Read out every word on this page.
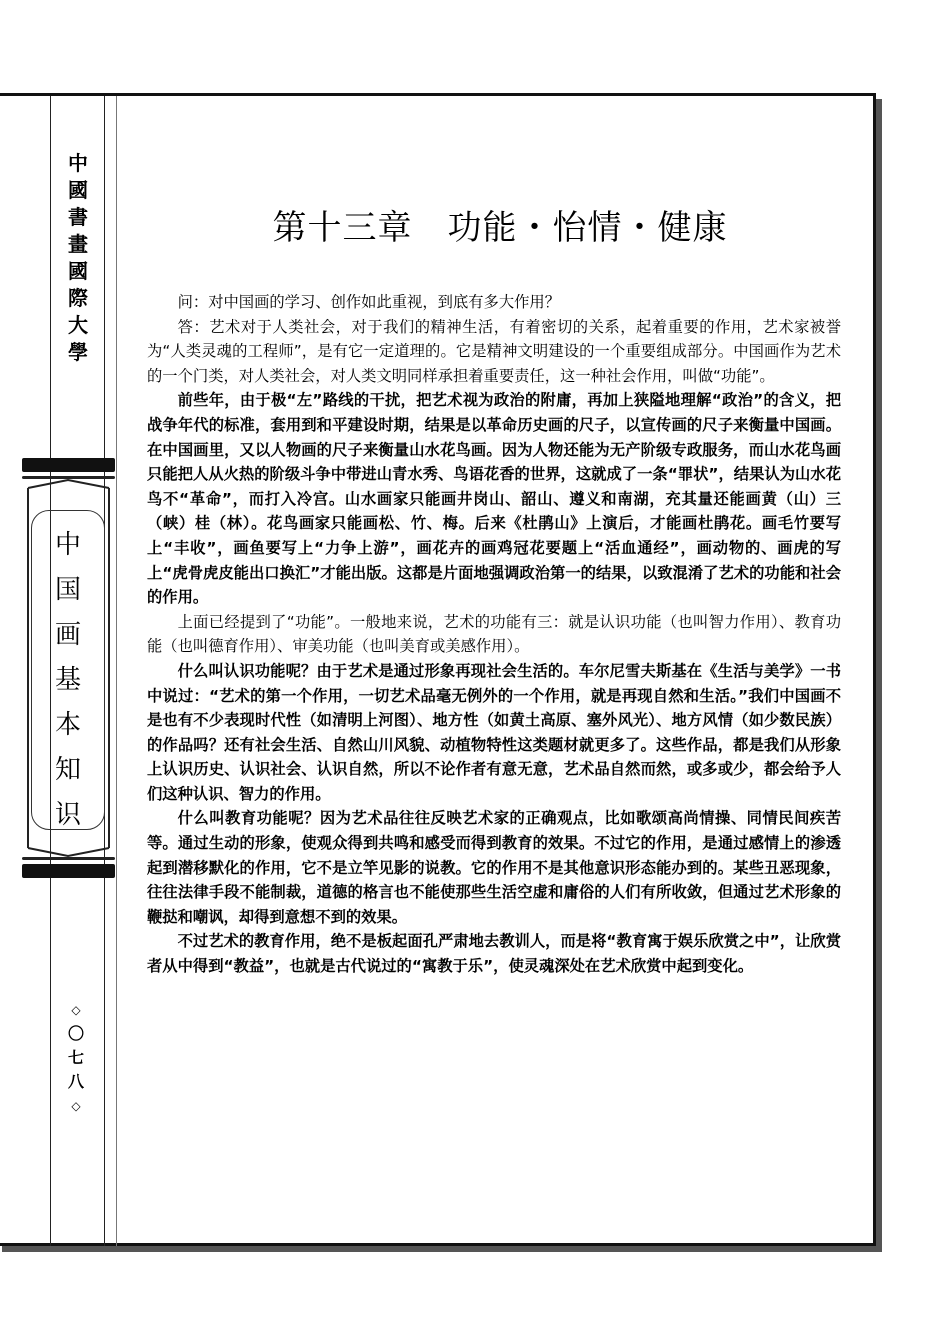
中
國
書
畫
國
際
大
學
中
国
画
基
本
知
识
◇
〇
七
八
◇
第十三章　功能・怡情・健康

问：对中国画的学习、创作如此重视，到底有多大作用？

答：艺术对于人类社会，对于我们的精神生活，有着密切的关系，起着重要的作用，艺术家被誉为“人类灵魂的工程师”，是有它一定道理的。它是精神文明建设的一个重要组成部分。中国画作为艺术的一个门类，对人类社会，对人类文明同样承担着重要责任，这一种社会作用，叫做“功能”。

前些年，由于极“左”路线的干扰，把艺术视为政治的附庸，再加上狭隘地理解“政治”的含义，把战争年代的标准，套用到和平建设时期，结果是以革命历史画的尺子，以宣传画的尺子来衡量中国画。在中国画里，又以人物画的尺子来衡量山水花鸟画。因为人物还能为无产阶级专政服务，而山水花鸟画只能把人从火热的阶级斗争中带进山青水秀、鸟语花香的世界，这就成了一条“罪状”，结果认为山水花鸟不“革命”，而打入冷宫。山水画家只能画井岗山、韶山、遵义和南湖，充其量还能画黄（山）三（峡）桂（林）。花鸟画家只能画松、竹、梅。后来《杜鹃山》上演后，才能画杜鹃花。画毛竹要写上“丰收”，画鱼要写上“力争上游”，画花卉的画鸡冠花要题上“活血通经”，画动物的、画虎的写上“虎骨虎皮能出口换汇”才能出版。这都是片面地强调政治第一的结果，以致混淆了艺术的功能和社会的作用。

上面已经提到了“功能”。一般地来说，艺术的功能有三：就是认识功能（也叫智力作用）、教育功能（也叫德育作用）、审美功能（也叫美育或美感作用）。

什么叫认识功能呢？由于艺术是通过形象再现社会生活的。车尔尼雪夫斯基在《生活与美学》一书中说过：“艺术的第一个作用，一切艺术品毫无例外的一个作用，就是再现自然和生活。”我们中国画不是也有不少表现时代性（如清明上河图）、地方性（如黄土高原、塞外风光）、地方风情（如少数民族）的作品吗？还有社会生活、自然山川风貌、动植物特性这类题材就更多了。这些作品，都是我们从形象上认识历史、认识社会、认识自然，所以不论作者有意无意，艺术品自然而然，或多或少，都会给予人们这种认识、智力的作用。

什么叫教育功能呢？因为艺术品往往反映艺术家的正确观点，比如歌颂高尚情操、同情民间疾苦等。通过生动的形象，使观众得到共鸣和感受而得到教育的效果。不过它的作用，是通过感情上的渗透起到潜移默化的作用，它不是立竿见影的说教。它的作用不是其他意识形态能办到的。某些丑恶现象，往往法律手段不能制裁，道德的格言也不能使那些生活空虚和庸俗的人们有所收敛，但通过艺术形象的鞭挞和嘲讽，却得到意想不到的效果。

不过艺术的教育作用，绝不是板起面孔严肃地去教训人，而是将“教育寓于娱乐欣赏之中”，让欣赏者从中得到“教益”，也就是古代说过的“寓教于乐”，使灵魂深处在艺术欣赏中起到变化。
